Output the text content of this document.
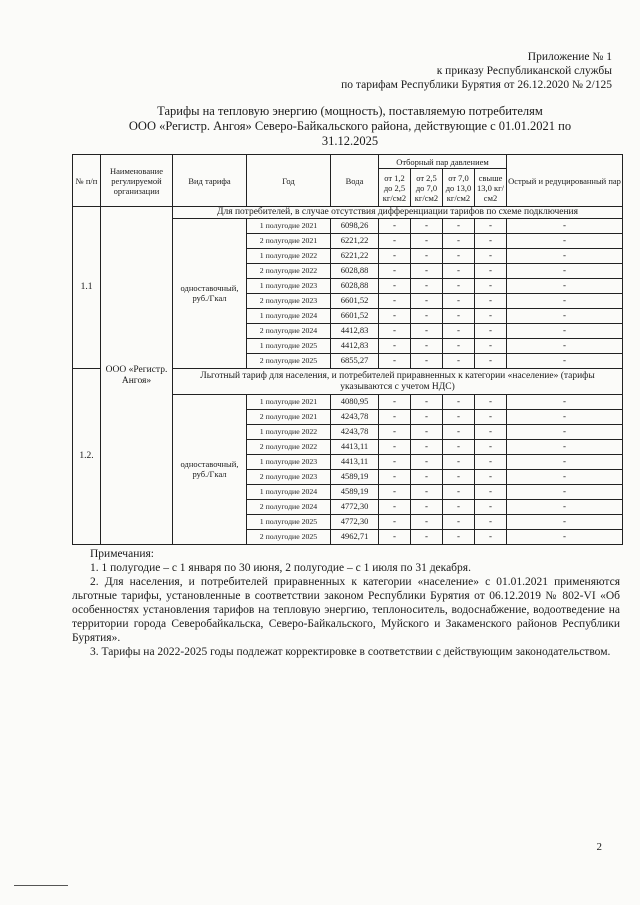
Приложение № 1
к приказу Республиканской службы
по тарифам Республики Бурятия от 26.12.2020 № 2/125
Тарифы на тепловую энергию (мощность), поставляемую потребителям
ООО «Регистр. Ангоя» Северо-Байкальского района, действующие с 01.01.2021 по
31.12.2025
№ п/п	Наименование регулируемой организации	Вид тарифа	Год	Вода	Отборный пар давлением				Острый и редуцированный пар
					от 1,2 до 2,5 кг/см2	от 2,5 до 7,0 кг/см2	от 7,0 до 13,0 кг/см2	свыше 13,0 кг/см2	
1.1	ООО «Регистр. Ангоя»	Для потребителей, в случае отсутствия дифференциации тарифов по схеме подключения							
		одноставочный, руб./Гкал	1 полугодие 2021	6098,26	-	-	-	-	-
			2 полугодие 2021	6221,22	-	-	-	-	-
			1 полугодие 2022	6221,22	-	-	-	-	-
			2 полугодие 2022	6028,88	-	-	-	-	-
			1 полугодие 2023	6028,88	-	-	-	-	-
			2 полугодие 2023	6601,52	-	-	-	-	-
			1 полугодие 2024	6601,52	-	-	-	-	-
			2 полугодие 2024	4412,83	-	-	-	-	-
			1 полугодие 2025	4412,83	-	-	-	-	-
			2 полугодие 2025	6855,27	-	-	-	-	-
1.2.		Льготный тариф для населения, и потребителей приравненных к категории «население» (тарифы указываются с учетом НДС)							
		одноставочный, руб./Гкал	1 полугодие 2021	4080,95	-	-	-	-	-
			2 полугодие 2021	4243,78	-	-	-	-	-
			1 полугодие 2022	4243,78	-	-	-	-	-
			2 полугодие 2022	4413,11	-	-	-	-	-
			1 полугодие 2023	4413,11	-	-	-	-	-
			2 полугодие 2023	4589,19	-	-	-	-	-
			1 полугодие 2024	4589,19	-	-	-	-	-
			2 полугодие 2024	4772,30	-	-	-	-	-
			1 полугодие 2025	4772,30	-	-	-	-	-
			2 полугодие 2025	4962,71	-	-	-	-	-

Примечания:

1. 1 полугодие – с 1 января по 30 июня, 2 полугодие – с 1 июля по 31 декабря.

2. Для населения, и потребителей приравненных к категории «население» с 01.01.2021 применяются льготные тарифы, установленные в соответствии законом Республики Бурятия от 06.12.2019 № 802-VI «Об особенностях установления тарифов на тепловую энергию, теплоноситель, водоснабжение, водоотведение на территории города Северобайкальска, Северо-Байкальского, Муйского и Закаменского районов Республики Бурятия».

3. Тарифы на 2022-2025 годы подлежат корректировке в соответствии с действующим законодательством.

2
